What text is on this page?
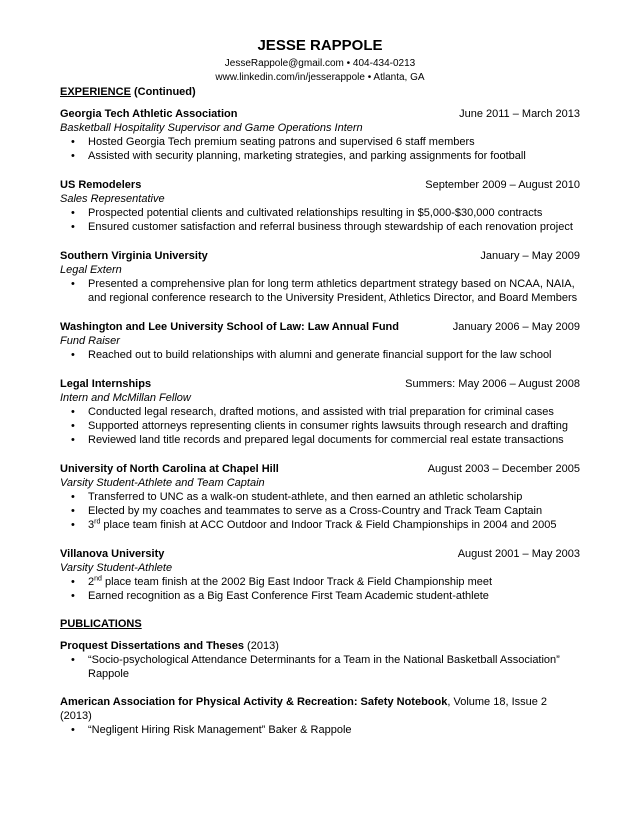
JESSE RAPPOLE
JesseRappole@gmail.com • 404-434-0213
www.linkedin.com/in/jesserappole • Atlanta, GA
EXPERIENCE (Continued)
Georgia Tech Athletic Association	June 2011 – March 2013
Basketball Hospitality Supervisor and Game Operations Intern
• Hosted Georgia Tech premium seating patrons and supervised 6 staff members
• Assisted with security planning, marketing strategies, and parking assignments for football
US Remodelers	September 2009 – August 2010
Sales Representative
• Prospected potential clients and cultivated relationships resulting in $5,000-$30,000 contracts
• Ensured customer satisfaction and referral business through stewardship of each renovation project
Southern Virginia University	January – May 2009
Legal Extern
• Presented a comprehensive plan for long term athletics department strategy based on NCAA, NAIA, and regional conference research to the University President, Athletics Director, and Board Members
Washington and Lee University School of Law: Law Annual Fund	January 2006 – May 2009
Fund Raiser
• Reached out to build relationships with alumni and generate financial support for the law school
Legal Internships	Summers: May 2006 – August 2008
Intern and McMillan Fellow
• Conducted legal research, drafted motions, and assisted with trial preparation for criminal cases
• Supported attorneys representing clients in consumer rights lawsuits through research and drafting
• Reviewed land title records and prepared legal documents for commercial real estate transactions
University of North Carolina at Chapel Hill	August 2003 – December 2005
Varsity Student-Athlete and Team Captain
• Transferred to UNC as a walk-on student-athlete, and then earned an athletic scholarship
• Elected by my coaches and teammates to serve as a Cross-Country and Track Team Captain
• 3rd place team finish at ACC Outdoor and Indoor Track & Field Championships in 2004 and 2005
Villanova University	August 2001 – May 2003
Varsity Student-Athlete
• 2nd place team finish at the 2002 Big East Indoor Track & Field Championship meet
• Earned recognition as a Big East Conference First Team Academic student-athlete
PUBLICATIONS
Proquest Dissertations and Theses (2013)
• “Socio-psychological Attendance Determinants for a Team in the National Basketball Association” Rappole
American Association for Physical Activity & Recreation: Safety Notebook, Volume 18, Issue 2 (2013)
• “Negligent Hiring Risk Management” Baker & Rappole
